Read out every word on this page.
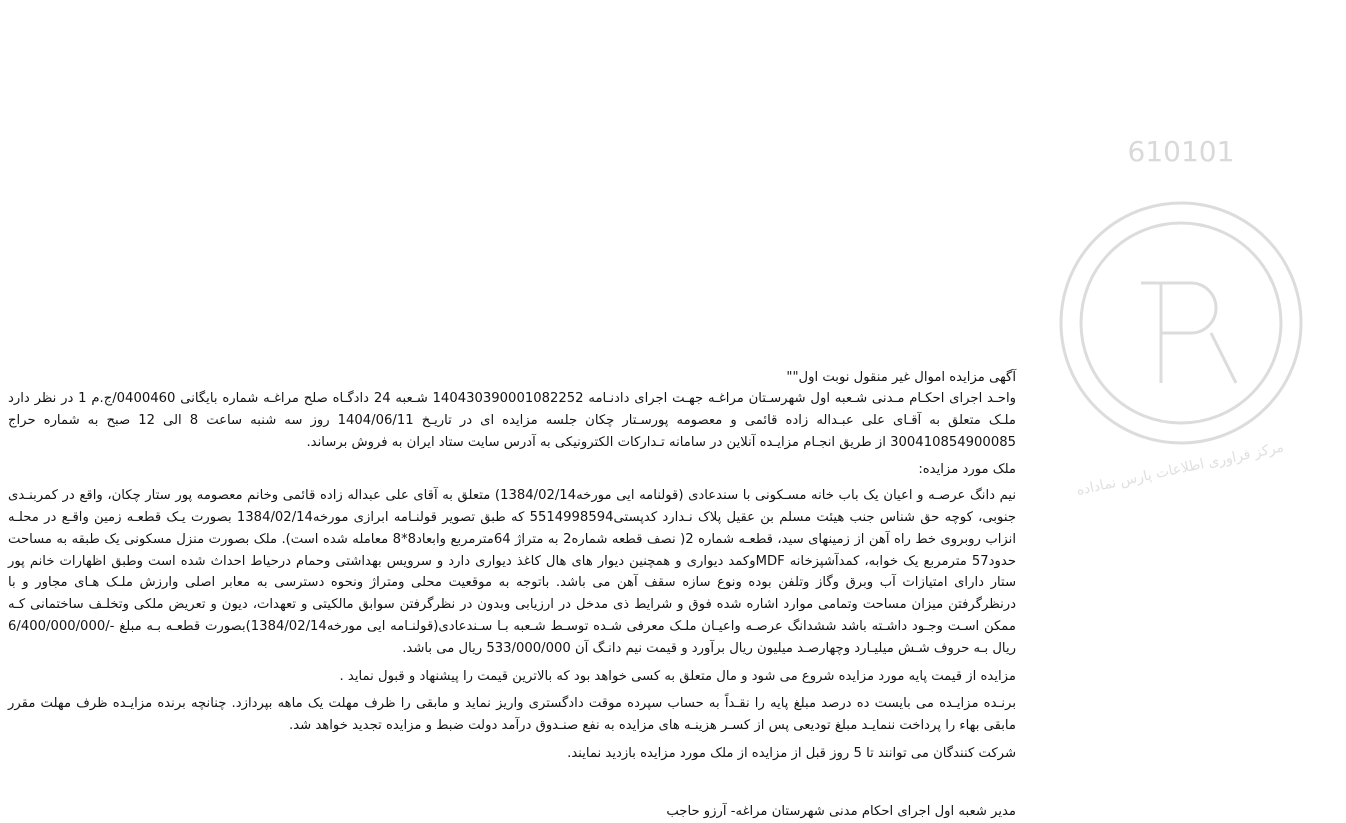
610101
مرکز فراوری اطلاعات پارس نماداده

آگهی مزایده اموال غیر منقول نوبت اول""

واحـد اجرای احکـام مـدنی شـعبه اول شهرسـتان مراغـه جهـت اجرای دادنـامه 140430390001082252 شـعبه 24 دادگـاه صلح مراغـه شماره بایگانی 0400460/ج.م 1 در نظر دارد ملـک متعلق به آقـای علی عبـداله زاده قائمی و معصومه پورسـتار چکان جلسه مزایده ای در تاریـخ 1404/06/11 روز سه شنبه ساعت 8 الی 12 صبح به شماره حراج 300410854900085 از طریق انجـام مزایـده آنلاین در سامانه تـدارکات الکترونیکی به آدرس سایت ستاد ایران به فروش برساند.

ملک مورد مزایده:

نیم دانگ عرصـه و اعیان یک باب خانه مسـکونی با سندعادی (قولنامه ایی مورخه1384/02/14) متعلق به آقای علی عبداله زاده قائمی وخانم معصومه پور ستار چکان، واقع در کمربنـدی جنوبی، کوچه حق شناس جنب هیئت مسلم بن عقیل پلاک نـدارد کدپستی5514998594 که طبق تصویر قولنـامه ابرازی مورخه1384/02/14 بصورت یـک قطعـه زمین واقـع در محلـه انزاب روبروی خط راه آهن از زمینهای سید، قطعـه شماره 2( نصف قطعه شماره2 به متراژ 64مترمربع وابعاد8*8 معامله شده است). ملک بصورت منزل مسکونی یک طبقه به مساحت حدود57 مترمربع یک خوابه، کمدآشپزخانه MDFوکمد دیواری و همچنین دیوار های هال کاغذ دیواری دارد و سرویس بهداشتی وحمام درحیاط احداث شده است وطبق اظهارات خانم پور ستار دارای امتیازات آب وبرق وگاز وتلفن بوده ونوع سازه سقف آهن می باشد. باتوجه به موقعیت محلی ومتراژ ونحوه دسترسی به معابر اصلی وارزش ملـک هـای مجاور و با درنظرگرفتن میزان مساحت وتمامی موارد اشاره شده فوق و شرایط ذی مدخل در ارزیابی وبدون در نظرگرفتن سوابق مالکیتی و تعهدات، دیون و تعریض ملکی وتخلـف ساختمانی کـه ممکن اسـت وجـود داشـته باشد ششدانگ عرصـه واعیـان ملـک معرفی شـده توسـط شـعبه بـا سـندعادی(قولنـامه ایی مورخه1384/02/14)بصورت قطعـه بـه مبلغ -/6/400/000/000 ریال بـه حروف شـش میلیـارد وچهارصـد میلیون ریال برآورد و قیمت نیم دانـگ آن 533/000/000 ریال می باشد.

مزایده از قیمت پایه مورد مزایده شروع می شود و مال متعلق به کسی خواهد بود که بالاترین قیمت را پیشنهاد و قبول نماید .

برنـده مزایـده می بایست ده درصد مبلغ پایه را نقـداً به حساب سپرده موقت دادگستری واریز نماید و مابقی را ظرف مهلت یک ماهه بپردازد. چنانچه برنده مزایـده ظرف مهلت مقرر مابقی بهاء را پرداخت ننمایـد مبلغ تودیعی پس از کسـر هزینـه های مزایده به نفع صنـدوق درآمد دولت ضبط و مزایده تجدید خواهد شد.

شرکت کنندگان می توانند تا 5 روز قبل از مزایده از ملک مورد مزایده بازدید نمایند.

مدیر شعبه اول اجرای احکام مدنی شهرستان مراغه- آرزو حاجب
